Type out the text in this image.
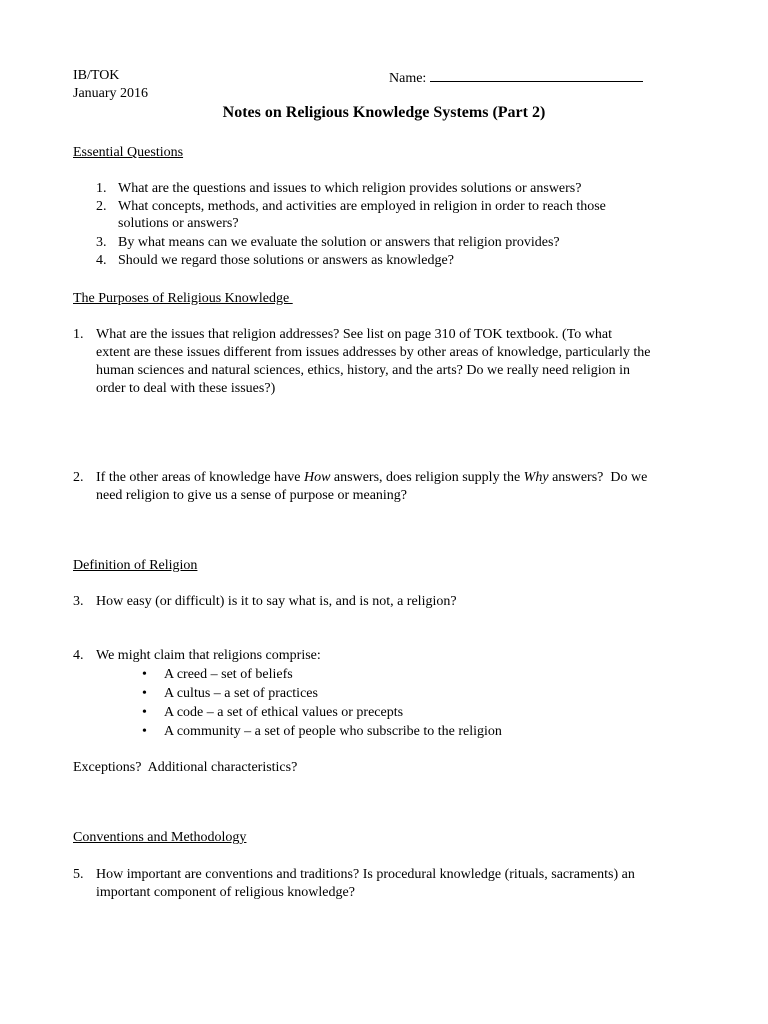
IB/TOK
January 2016
Name:
Notes on Religious Knowledge Systems (Part 2)
Essential Questions
1. What are the questions and issues to which religion provides solutions or answers?
2. What concepts, methods, and activities are employed in religion in order to reach those
solutions or answers?
3. By what means can we evaluate the solution or answers that religion provides?
4. Should we regard those solutions or answers as knowledge?
The Purposes of Religious Knowledge
1. What are the issues that religion addresses? See list on page 310 of TOK textbook. (To what
extent are these issues different from issues addresses by other areas of knowledge, particularly the
human sciences and natural sciences, ethics, history, and the arts? Do we really need religion in
order to deal with these issues?)
2. If the other areas of knowledge have How answers, does religion supply the Why answers?  Do we
need religion to give us a sense of purpose or meaning?
Definition of Religion
3. How easy (or difficult) is it to say what is, and is not, a religion?
4. We might claim that religions comprise:
• A creed – set of beliefs
• A cultus – a set of practices
• A code – a set of ethical values or precepts
• A community – a set of people who subscribe to the religion
Exceptions?  Additional characteristics?
Conventions and Methodology
5. How important are conventions and traditions? Is procedural knowledge (rituals, sacraments) an
important component of religious knowledge?
